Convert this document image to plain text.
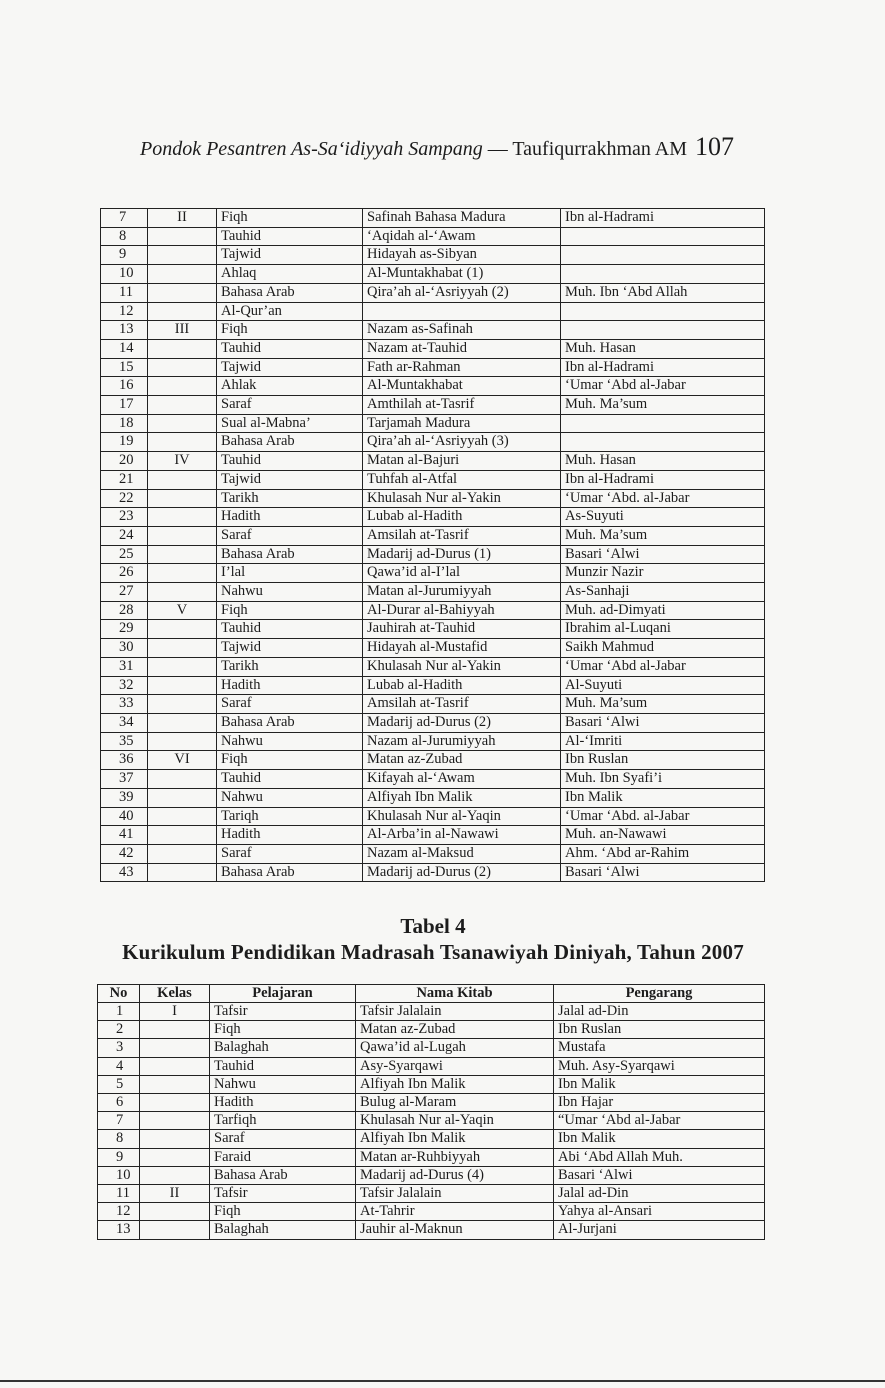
Pondok Pesantren As-Sa‘idiyyah Sampang — Taufiqurrakhman AM 107
7	II	Fiqh	Safinah Bahasa Madura	Ibn al-Hadrami
8		Tauhid	‘Aqidah al-‘Awam	
9		Tajwid	Hidayah as-Sibyan	
10		Ahlaq	Al-Muntakhabat (1)	
11		Bahasa Arab	Qira’ah al-‘Asriyyah (2)	Muh. Ibn ‘Abd Allah
12		Al-Qur’an		
13	III	Fiqh	Nazam as-Safinah	
14		Tauhid	Nazam at-Tauhid	Muh. Hasan
15		Tajwid	Fath ar-Rahman	Ibn al-Hadrami
16		Ahlak	Al-Muntakhabat	‘Umar ‘Abd al-Jabar
17		Saraf	Amthilah at-Tasrif	Muh. Ma’sum
18		Sual al-Mabna’	Tarjamah Madura	
19		Bahasa Arab	Qira’ah al-‘Asriyyah (3)	
20	IV	Tauhid	Matan al-Bajuri	Muh. Hasan
21		Tajwid	Tuhfah al-Atfal	Ibn al-Hadrami
22		Tarikh	Khulasah Nur al-Yakin	‘Umar ‘Abd. al-Jabar
23		Hadith	Lubab al-Hadith	As-Suyuti
24		Saraf	Amsilah at-Tasrif	Muh. Ma’sum
25		Bahasa Arab	Madarij ad-Durus (1)	Basari ‘Alwi
26		I’lal	Qawa’id al-I’lal	Munzir Nazir
27		Nahwu	Matan al-Jurumiyyah	As-Sanhaji
28	V	Fiqh	Al-Durar al-Bahiyyah	Muh. ad-Dimyati
29		Tauhid	Jauhirah at-Tauhid	Ibrahim al-Luqani
30		Tajwid	Hidayah al-Mustafid	Saikh Mahmud
31		Tarikh	Khulasah Nur al-Yakin	‘Umar ‘Abd al-Jabar
32		Hadith	Lubab al-Hadith	Al-Suyuti
33		Saraf	Amsilah at-Tasrif	Muh. Ma’sum
34		Bahasa Arab	Madarij ad-Durus (2)	Basari ‘Alwi
35		Nahwu	Nazam al-Jurumiyyah	Al-‘Imriti
36	VI	Fiqh	Matan az-Zubad	Ibn Ruslan
37		Tauhid	Kifayah al-‘Awam	Muh. Ibn Syafi’i
39		Nahwu	Alfiyah Ibn Malik	Ibn Malik
40		Tariqh	Khulasah Nur al-Yaqin	‘Umar ‘Abd. al-Jabar
41		Hadith	Al-Arba’in al-Nawawi	Muh. an-Nawawi
42		Saraf	Nazam al-Maksud	Ahm. ‘Abd ar-Rahim
43		Bahasa Arab	Madarij ad-Durus (2)	Basari ‘Alwi
Tabel 4
Kurikulum Pendidikan Madrasah Tsanawiyah Diniyah, Tahun 2007
No	Kelas	Pelajaran	Nama Kitab	Pengarang
1	I	Tafsir	Tafsir Jalalain	Jalal ad-Din
2		Fiqh	Matan az-Zubad	Ibn Ruslan
3		Balaghah	Qawa’id al-Lugah	Mustafa
4		Tauhid	Asy-Syarqawi	Muh. Asy-Syarqawi
5		Nahwu	Alfiyah Ibn Malik	Ibn Malik
6		Hadith	Bulug al-Maram	Ibn Hajar
7		Tarfiqh	Khulasah Nur al-Yaqin	“Umar ‘Abd al-Jabar
8		Saraf	Alfiyah Ibn Malik	Ibn Malik
9		Faraid	Matan ar-Ruhbiyyah	Abi ‘Abd Allah Muh.
10		Bahasa Arab	Madarij ad-Durus (4)	Basari ‘Alwi
11	II	Tafsir	Tafsir Jalalain	Jalal ad-Din
12		Fiqh	At-Tahrir	Yahya al-Ansari
13		Balaghah	Jauhir al-Maknun	Al-Jurjani
